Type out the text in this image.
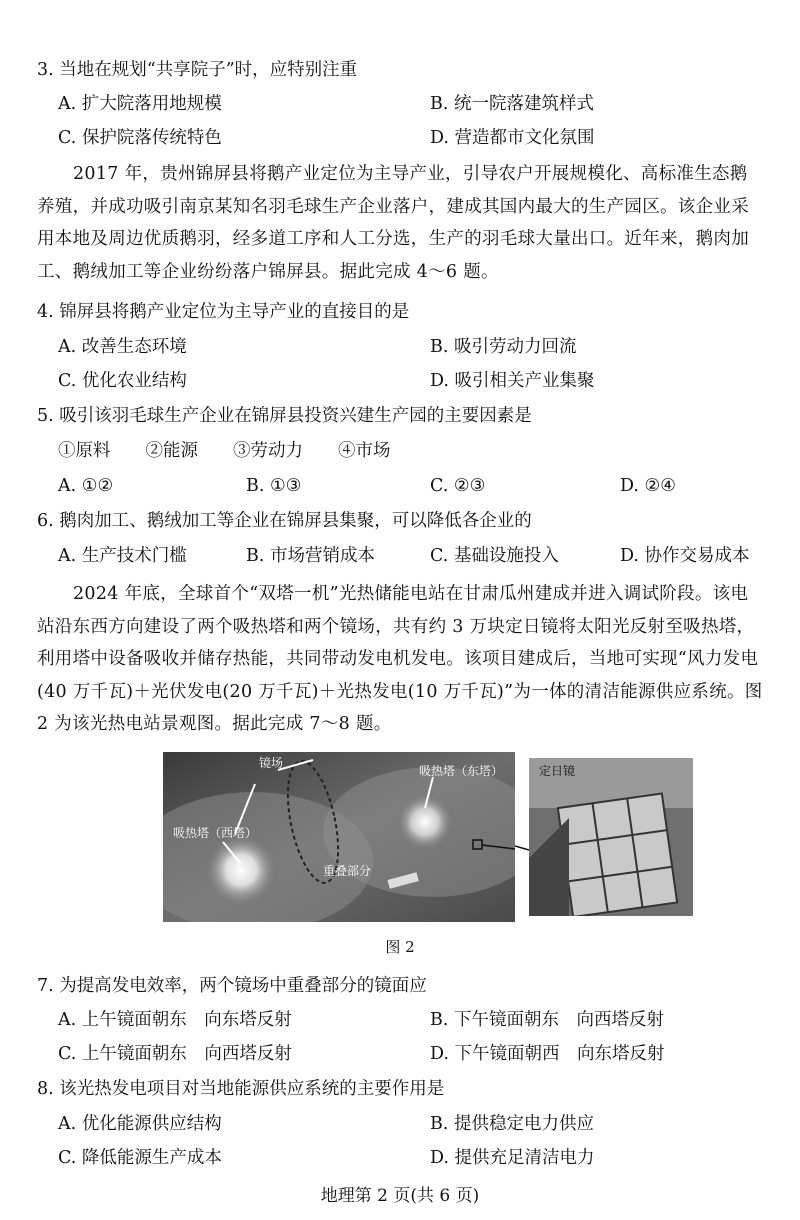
3. 当地在规划“共享院子”时，应特别注重
A. 扩大院落用地规模	B. 统一院落建筑样式
C. 保护院落传统特色	D. 营造都市文化氛围
2017 年，贵州锦屏县将鹅产业定位为主导产业，引导农户开展规模化、高标准生态鹅养殖，并成功吸引南京某知名羽毛球生产企业落户，建成其国内最大的生产园区。该企业采用本地及周边优质鹅羽，经多道工序和人工分选，生产的羽毛球大量出口。近年来，鹅肉加工、鹅绒加工等企业纷纷落户锦屏县。据此完成 4～6 题。
4. 锦屏县将鹅产业定位为主导产业的直接目的是
A. 改善生态环境	B. 吸引劳动力回流
C. 优化农业结构	D. 吸引相关产业集聚
5. 吸引该羽毛球生产企业在锦屏县投资兴建生产园的主要因素是
①原料　　②能源　　③劳动力　　④市场
A. ①②	B. ①③	C. ②③	D. ②④
6. 鹅肉加工、鹅绒加工等企业在锦屏县集聚，可以降低各企业的
A. 生产技术门槛	B. 市场营销成本	C. 基础设施投入	D. 协作交易成本
2024 年底，全球首个“双塔一机”光热储能电站在甘肃瓜州建成并进入调试阶段。该电站沿东西方向建设了两个吸热塔和两个镜场，共有约 3 万块定日镜将太阳光反射至吸热塔，利用塔中设备吸收并储存热能，共同带动发电机发电。该项目建成后，当地可实现“风力发电(40 万千瓦)＋光伏发电(20 万千瓦)＋光热发电(10 万千瓦)”为一体的清洁能源供应系统。图 2 为该光热电站景观图。据此完成 7～8 题。
镜场
吸热塔（东塔）
吸热塔（西塔）
重叠部分
定日镜
图 2
7. 为提高发电效率，两个镜场中重叠部分的镜面应
A. 上午镜面朝东　向东塔反射	B. 下午镜面朝东　向西塔反射
C. 上午镜面朝东　向西塔反射	D. 下午镜面朝西　向东塔反射
8. 该光热发电项目对当地能源供应系统的主要作用是
A. 优化能源供应结构	B. 提供稳定电力供应
C. 降低能源生产成本	D. 提供充足清洁电力
地理第 2 页(共 6 页)
